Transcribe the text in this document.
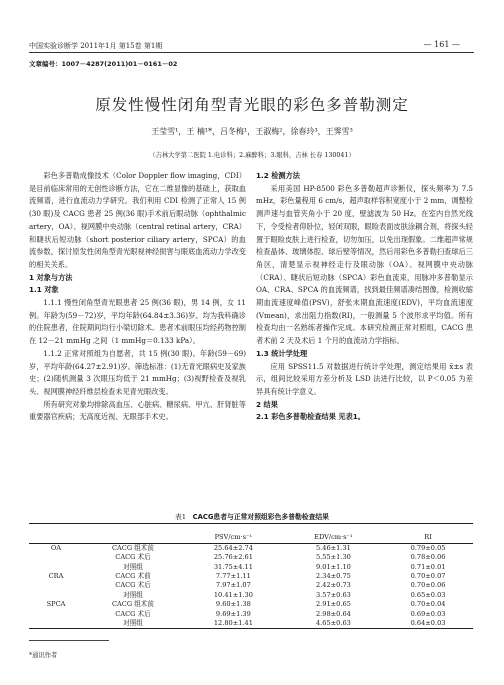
中国实验诊断学 2011年1月 第15卷 第1期	— 161 —
文章编号：1007－4287(2011)01－0161－02
原发性慢性闭角型青光眼的彩色多普勒测定
王莹雪¹，王 楠¹*，吕冬梅¹，王淑梅²，徐春玲³，王霁雪³
（吉林大学第二医院 1.电诊科；2.麻醉科；3.眼科，吉林 长春 130041）

彩色多普勒成像技术（Color Doppler flow imaging，CDI）是目前临床常用的无创性诊断方法，它在二维显像的基础上，获取血流频谱，进行血流动力学研究。我们利用 CDI 检测了正常人 15 例(30 眼)及 CACG 患者 25 例(36 眼)手术前后眼动脉（ophthalmic artery，OA）、视网膜中央动脉（central retinal artery，CRA）和睫状后短动脉（short posterior ciliary artery，SPCA）的血流参数，探讨原发性闭角型青光眼视神经损害与眼底血流动力学改变的相关关系。

1 对象与方法

1.1 对象

1.1.1 慢性闭角型青光眼患者 25 例(36 眼)，男 14 例，女 11 例。年龄为(59－72)岁，平均年龄(64.84±3.36)岁。均为我科确诊的住院患者，住院期间均行小梁切除术。患者术前眼压均经药物控制在 12－21 mmHg 之间（1 mmHg＝0.133 kPa）。

1.1.2 正常对照组为自愿者，共 15 例(30 眼)。年龄(59－69)岁，平均年龄(64.27±2.91)岁。筛选标准：(1)无青光眼病史及家族史；(2)随机测量 3 次眼压均低于 21 mmHg；(3)视野检查及视乳头、视网膜神经纤维层检查未见青光眼改变。

所有研究对象均排除高血压、心脏病、糖尿病、甲亢、肝肾脏等重要器官疾病；无高度近视、无眼部手术史。

1.2 检测方法

采用美国 HP-8500 彩色多普勒超声诊断仪，探头频率为 7.5 mHz，彩色量程用 6 cm/s，超声取样容积宽度小于 2 mm，调整检测声速与血管夹角小于 20 度，壁滤波为 50 Hz。在室内自然光线下，令受检者仰卧位，轻闭双眼，眼睑表面皮肤涂耦合剂，将探头轻置于眼睑皮肤上进行检查，切勿加压，以免出现假象。二维超声常规检查晶体、玻璃体腔、球后壁等情况，然后用彩色多普勒扫查球后三角区，清楚显示视神经走行及眼动脉（OA）、视网膜中央动脉（CRA）、睫状后短动脉（SPCA）彩色血流束，用脉冲多普勒显示 OA、CRA、SPCA 的血流频谱，找到最佳频谱凑结图像，检测收缩期血流速度峰值(PSV)，舒张末期血流速度(EDV)，平均血流速度(Vmean)，求出阻力指数(RI)，一般测量 5 个波形求平均值。所有检查均由一名熟练者操作完成。本研究检测正常对照组，CACG 患者术前 2 天及术后 1 个月的血流动力学指标。

1.3 统计学处理

应用 SPSS11.5 对数据进行统计学处理，测定结果用 x̄±s 表示，组间比较采用方差分析及 LSD 法进行比较，以 P＜0.05 为差异具有统计学意义。

2 结果

2.1 彩色多普勒检查结果 见表1。

表1 CACG患者与正常对照组彩色多普勒检查结果

		PSV/cm·s⁻¹	EDV/cm·s⁻¹	RI
OA	CACG 组术前	25.64±2.74	5.46±1.31	0.79±0.05
	CACG 术后	25.76±2.61	5.55±1.30	0.78±0.06
	对照组	31.75±4.11	9.01±1.10	0.71±0.01
CRA	CACG 术前	7.77±1.11	2.34±0.75	0.70±0.07
	CACG 术后	7.97±1.07	2.42±0.73	0.70±0.06
	对照组	10.41±1.30	3.57±0.63	0.65±0.03
SPCA	CACG 组术前	9.60±1.38	2.91±0.65	0.70±0.04
	CACG 术后	9.69±1.39	2.98±0.64	0.69±0.03
	对照组	12.80±1.41	4.65±0.63	0.64±0.03
*通讯作者
